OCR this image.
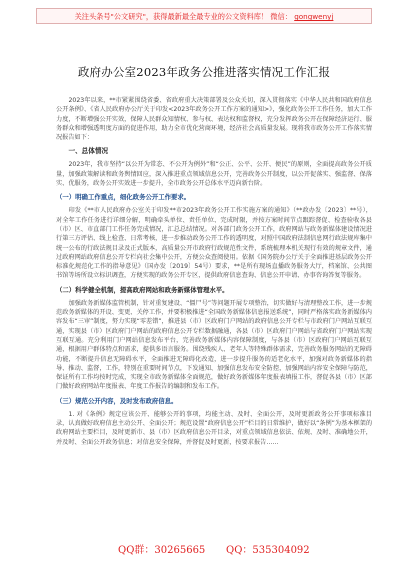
关注头条号"公文研究"，获得最新最全最专业的公文资料库！ 微信： gongwenyj
政府办公室2023年政务公推进落实情况工作汇报

2023年以来，**市紧紧围绕省委、省政府重大决策部署及公众关切，深入贯彻落实《中华人民共和国政府信息公开条例》、《省人民政府办公厅关于印发<2023年政务公开工作方案的通知>》，强化政务公开工作任务，加大工作力度，不断增强公开实效，保障人民群众知情权、参与权、表达权和监督权，充分发挥政务公开在保障经济运行、服务群众和增强透明度方面的促进作用，助力全市优化营商环境，经济社会高质量发展。现将我市政务公开工作落实情况报告如下：

一、总体情况

2023年，我市坚持“以公开为常态、不公开为例外”和“公正、公平、公开、便民”的原则，全面提高政务公开质量，加强政策解读和政务舆情回应，深入推进重点领域信息公开，完善政务公开制度，以公开促落实、强监督、保落实、优服务，政务公开实效进一步提升，全市政务公开总体水平迈向新台阶。

（一）明确工作重点，细化政务公开工作要求。

印发《**市人民政府办公室关于印发**市2023年政务公开工作实施方案的通知》（**政办发〔2023〕**号），对全年工作任务进行详细分解，明确牵头单位、责任单位、完成时限，并按方案时间节点跟踪督促、检查验收各县（市）区、市直部门工作任务完成情况，汇总总结情况。对各部门政务公开工作，政府网站与政务新媒体建设情况进行第三方评估、线上检查、日常考核，进一步推动政务公开工作的透明度，对照中国政府法制信息网行政法规库集中统一公布的行政法规目录及正式版本，高质量公开市政府行政规范性文件，系统梳理本机关现行有效的规章文件，通过政府网站政府信息公开专栏向社会集中公开，方便公众查阅使用。依据《国务院办公厅关于全面推进基层政务公开标准化规范化工作的指导意见》（国办发〔2019〕54号）要求，**是所有现场直播政务服务大厅，档案馆、公共图书馆等场所设立标识调查，方便实现的政务公开专区，提供政府信息查询、信息公开申请、办事咨询答复等服务。

（二）科学健全机制，提高政府网站和政务新媒体管理水平。

加强政务新媒体监管机制，针对重复建设、“僵尸号”等问题开展专项整治，切实做好与清理整改工作，进一步规范政务新媒体的开设、变更、关停工作，并要积极推进“全国政务新媒体信息报送系统”，同时严格落实政务新媒体内容发布“三审”制度，努力实现“零差错”，推进县（市）区政府门户网站的政府信息公开专栏与市政府门户网站互联互通，实现县（市）区政府门户网站的政府信息公开专栏数据融通，各县（市）区政府门户网站与省政府门户网站实现互联互通。充分利用门户网站信息发布平台，完善政务新媒体内容保障制度，与各县（市）区政府门户网站互联互通，根据用户群体特点和需求，提供多语言服务。围绕残疾人、老年人等特殊群体需求，完善政务服务网站的无障碍功能，不断提升信息无障碍水平，全面推进无障碍化改造，进一步提升服务的适老化水平，加强对政务新媒体的指导、推动、监督，工作，特别在重要时间节点，下发通知、加强信息发布安全防控，加强网站内容安全保障与防范，保证所有工作均按时完成，实现全市政务新媒体全面规范，做好政务新媒体年度报表填报工作，督促各县（市）区部门做好政府网站年度报表、年度工作报告的编制和发布工作。

（三）规范公开内容，及时发布政府信息。

1. 对《条例》规定应该公开、能够公开的事项，均能主动、及时、全面公开，及时更新政务公开事项标准目录，认真做好政府信息主动公开、全面公开；规范设置“政府信息公开”栏目的日常维护，做好以“条例”为基本框架的政府网站主要栏目，及时更新市、县（市）区政府信息公开目录，对重点领域信息依法、依规、及时、准确地公开，并及时、全面公开政务信息；对信息安全保障，并督促及时更新，按要求报告……

QQ群：30265665 QQ：535304092
